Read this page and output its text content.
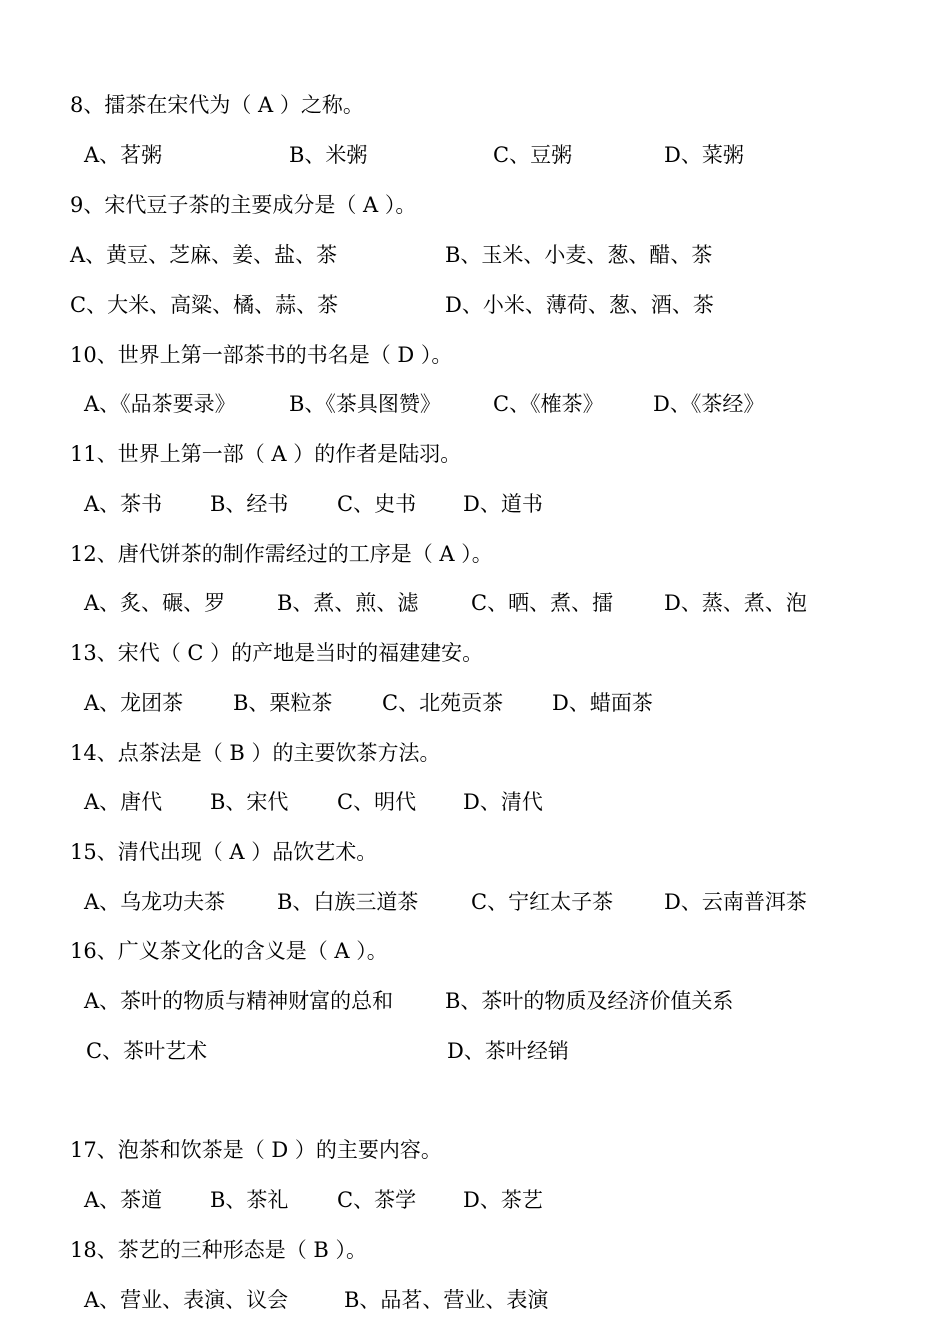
8、擂茶在宋代为（ A ）之称。
A、茗粥	B、米粥	C、豆粥	D、菜粥
9、宋代豆子茶的主要成分是（ A ）。
A、黄豆、芝麻、姜、盐、茶	B、玉米、小麦、葱、醋、茶
C、大米、高粱、橘、蒜、茶	D、小米、薄荷、葱、酒、茶
10、世界上第一部茶书的书名是（ D ）。
A、《品茶要录》	B、《茶具图赞》 C、《榷茶》 D、《茶经》
11、世界上第一部（ A ）的作者是陆羽。
A、茶书 B、经书 C、史书 D、道书
12、唐代饼茶的制作需经过的工序是（ A ）。
A、炙、碾、罗 B、煮、煎、滤	C、晒、煮、擂 D、蒸、煮、泡
13、宋代（ C ）的产地是当时的福建建安。
A、龙团茶 B、栗粒茶 C、北苑贡茶 D、蜡面茶
14、点茶法是（ B ）的主要饮茶方法。
A、唐代 B、宋代 C、明代 D、清代
15、清代出现（ A ）品饮艺术。
A、乌龙功夫茶 B、白族三道茶	C、宁红太子茶 D、云南普洱茶
16、广义茶文化的含义是（ A ）。
A、茶叶的物质与精神财富的总和 B、茶叶的物质及经济价值关系
C、茶叶艺术	D、茶叶经销
17、泡茶和饮茶是（ D ）的主要内容。
A、茶道 B、茶礼 C、茶学 D、茶艺
18、茶艺的三种形态是（ B ）。
A、营业、表演、议会	B、品茗、营业、表演
